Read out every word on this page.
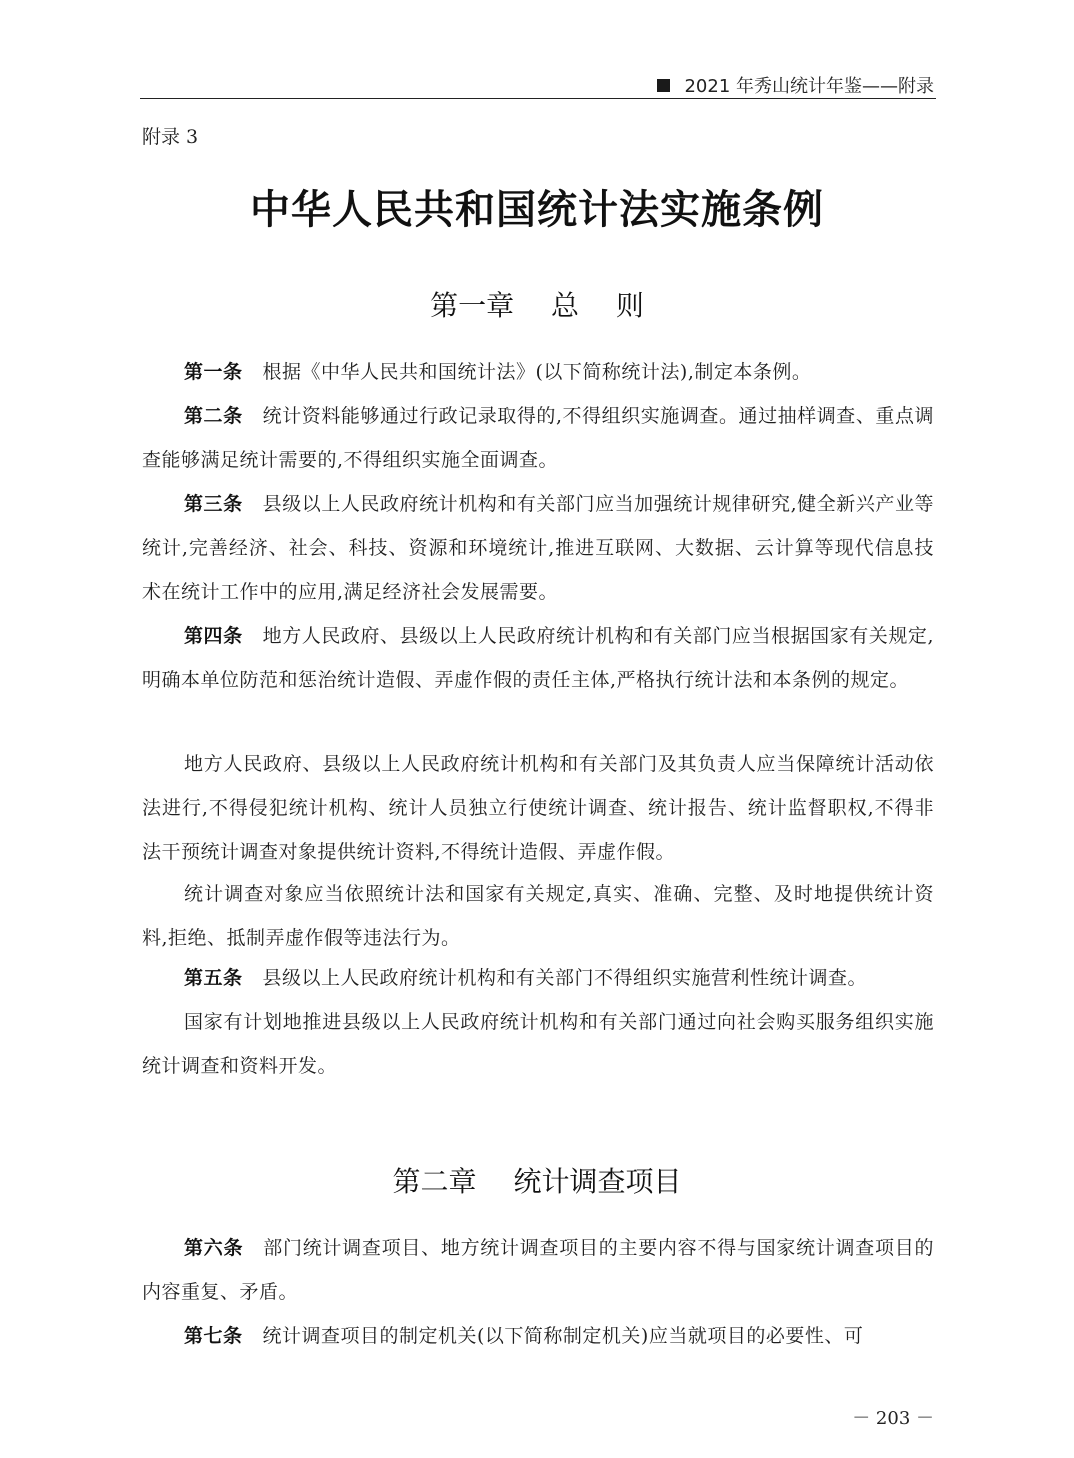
2021 年秀山统计年鉴——附录
附录 3
中华人民共和国统计法实施条例
第一章　 总　 则
第一条 根据《中华人民共和国统计法》(以下简称统计法),制定本条例。
第二条 统计资料能够通过行政记录取得的,不得组织实施调查。通过抽样调查、重点调查能够满足统计需要的,不得组织实施全面调查。
第三条 县级以上人民政府统计机构和有关部门应当加强统计规律研究,健全新兴产业等统计,完善经济、社会、科技、资源和环境统计,推进互联网、大数据、云计算等现代信息技术在统计工作中的应用,满足经济社会发展需要。
第四条 地方人民政府、县级以上人民政府统计机构和有关部门应当根据国家有关规定,明确本单位防范和惩治统计造假、弄虚作假的责任主体,严格执行统计法和本条例的规定。
地方人民政府、县级以上人民政府统计机构和有关部门及其负责人应当保障统计活动依法进行,不得侵犯统计机构、统计人员独立行使统计调查、统计报告、统计监督职权,不得非法干预统计调查对象提供统计资料,不得统计造假、弄虚作假。
统计调查对象应当依照统计法和国家有关规定,真实、准确、完整、及时地提供统计资料,拒绝、抵制弄虚作假等违法行为。
第五条 县级以上人民政府统计机构和有关部门不得组织实施营利性统计调查。
国家有计划地推进县级以上人民政府统计机构和有关部门通过向社会购买服务组织实施统计调查和资料开发。
第二章　 统计调查项目
第六条 部门统计调查项目、地方统计调查项目的主要内容不得与国家统计调查项目的内容重复、矛盾。
第七条 统计调查项目的制定机关(以下简称制定机关)应当就项目的必要性、可
－ 203 －
